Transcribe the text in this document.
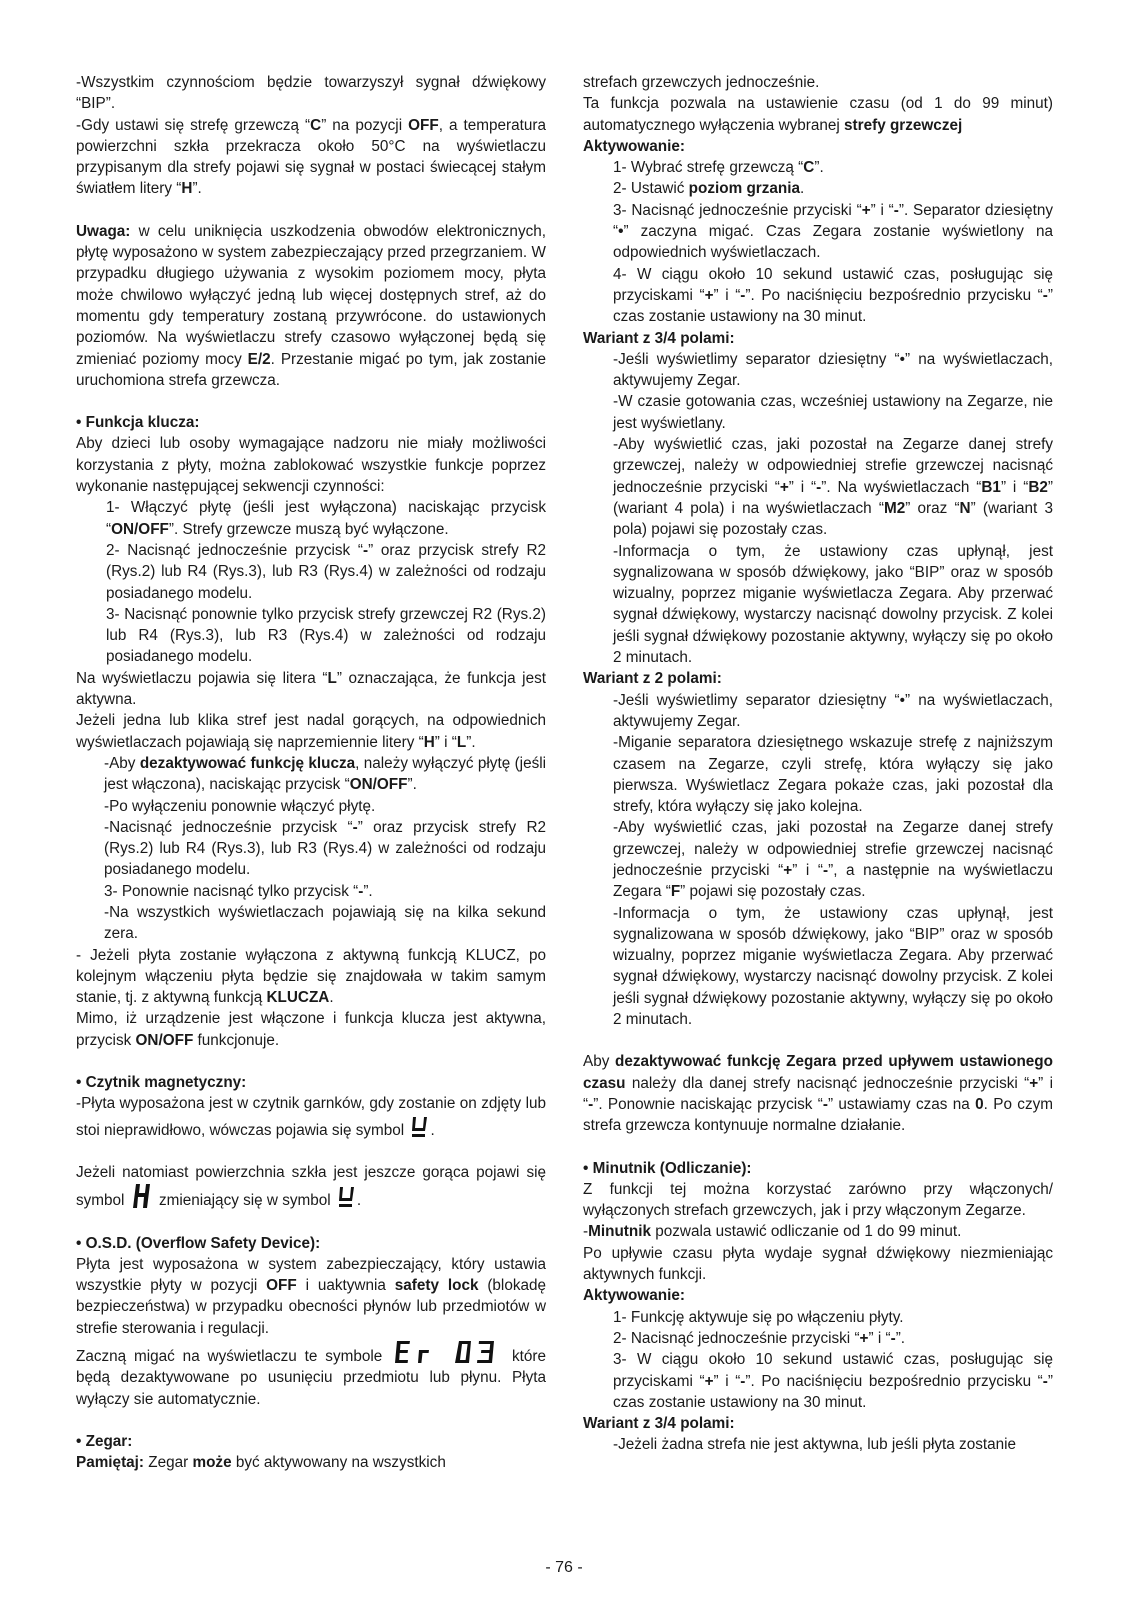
-Wszystkim czynnościom będzie towarzyszył sygnał dźwiękowy “BIP”.

-Gdy ustawi się strefę grzewczą “C” na pozycji OFF, a temperatura powierzchni szkła przekracza około 50°C na wyświetlaczu przypisanym dla strefy pojawi się sygnał w postaci świecącej stałym światłem litery “H”.

Uwaga: w celu uniknięcia uszkodzenia obwodów elektronicznych, płytę wyposażono w system zabezpieczający przed przegrzaniem. W przypadku długiego używania z wysokim poziomem mocy, płyta może chwilowo wyłączyć jedną lub więcej dostępnych stref, aż do momentu gdy temperatury zostaną przywrócone. do ustawionych poziomów. Na wyświetlaczu strefy czasowo wyłączonej będą się zmieniać poziomy mocy E/2. Przestanie migać po tym, jak zostanie uruchomiona strefa grzewcza.

• Funkcja klucza:

Aby dzieci lub osoby wymagające nadzoru nie miały możliwości korzystania z płyty, można zablokować wszystkie funkcje poprzez wykonanie następującej sekwencji czynności:

1- Włączyć płytę (jeśli jest wyłączona) naciskając przycisk “ON/OFF”. Strefy grzewcze muszą być wyłączone.

2- Nacisnąć jednocześnie przycisk “-” oraz przycisk strefy R2 (Rys.2) lub R4 (Rys.3), lub R3 (Rys.4) w zależności od rodzaju posiadanego modelu.

3- Nacisnąć ponownie tylko przycisk strefy grzewczej R2 (Rys.2) lub R4 (Rys.3), lub R3 (Rys.4) w zależności od rodzaju posiadanego modelu.

Na wyświetlaczu pojawia się litera “L” oznaczająca, że funkcja jest aktywna.

Jeżeli jedna lub klika stref jest nadal gorących, na odpowiednich wyświetlaczach pojawiają się naprzemiennie litery “H” i “L”.

-Aby dezaktywować funkcję klucza, należy wyłączyć płytę (jeśli jest włączona), naciskając przycisk “ON/OFF”.

-Po wyłączeniu ponownie włączyć płytę.

-Nacisnąć jednocześnie przycisk “-” oraz przycisk strefy R2 (Rys.2) lub R4 (Rys.3), lub R3 (Rys.4) w zależności od rodzaju posiadanego modelu.

3- Ponownie nacisnąć tylko przycisk “-”.

-Na wszystkich wyświetlaczach pojawiają się na kilka sekund zera.

- Jeżeli płyta zostanie wyłączona z aktywną funkcją KLUCZ, po kolejnym włączeniu płyta będzie się znajdowała w takim samym stanie, tj. z aktywną funkcją KLUCZA.

Mimo, iż urządzenie jest włączone i funkcja klucza jest aktywna, przycisk ON/OFF funkcjonuje.

• Czytnik magnetyczny:

-Płyta wyposażona jest w czytnik garnków, gdy zostanie on zdjęty lub stoi nieprawidłowo, wówczas pojawia się symbol
.

Jeżeli natomiast powierzchnia szkła jest jeszcze gorąca pojawi się symbol
zmieniający się w symbol
.

• O.S.D. (Overflow Safety Device):

Płyta jest wyposażona w system zabezpieczający, który ustawia wszystkie płyty w pozycji OFF i uaktywnia safety lock (blokadę bezpieczeństwa) w przypadku obecności płynów lub przedmiotów w strefie sterowania i regulacji.

Zaczną migać na wyświetlaczu te symbole	które będą dezaktywowane po usunięciu przedmiotu lub płynu. Płyta wyłączy sie automatycznie.

• Zegar:

Pamiętaj: Zegar może być aktywowany na wszystkich

strefach grzewczych jednocześnie.

Ta funkcja pozwala na ustawienie czasu (od 1 do 99 minut) automatycznego wyłączenia wybranej strefy grzewczej

Aktywowanie:

1- Wybrać strefę grzewczą “C”.

2- Ustawić poziom grzania.

3- Nacisnąć jednocześnie przyciski “+” i “-”. Separator dziesiętny “•” zaczyna migać. Czas Zegara zostanie wyświetlony na odpowiednich wyświetlaczach.

4- W ciągu około 10 sekund ustawić czas, posługując się przyciskami “+” i “-”. Po naciśnięciu bezpośrednio przycisku “-” czas zostanie ustawiony na 30 minut.

Wariant z 3/4 polami:

-Jeśli wyświetlimy separator dziesiętny “•” na wyświetlaczach, aktywujemy Zegar.

-W czasie gotowania czas, wcześniej ustawiony na Zegarze, nie jest wyświetlany.

-Aby wyświetlić czas, jaki pozostał na Zegarze danej strefy grzewczej, należy w odpowiedniej strefie grzewczej nacisnąć jednocześnie przyciski “+” i “-”. Na wyświetlaczach “B1” i “B2” (wariant 4 pola) i na wyświetlaczach “M2” oraz “N” (wariant 3 pola) pojawi się pozostały czas.

-Informacja o tym, że ustawiony czas upłynął, jest sygnalizowana w sposób dźwiękowy, jako “BIP” oraz w sposób wizualny, poprzez miganie wyświetlacza Zegara. Aby przerwać sygnał dźwiękowy, wystarczy nacisnąć dowolny przycisk. Z kolei jeśli sygnał dźwiękowy pozostanie aktywny, wyłączy się po około 2 minutach.

Wariant z 2 polami:

-Jeśli wyświetlimy separator dziesiętny “•” na wyświetlaczach, aktywujemy Zegar.

-Miganie separatora dziesiętnego wskazuje strefę z najniższym czasem na Zegarze, czyli strefę, która wyłączy się jako pierwsza. Wyświetlacz Zegara pokaże czas, jaki pozostał dla strefy, która wyłączy się jako kolejna.

-Aby wyświetlić czas, jaki pozostał na Zegarze danej strefy grzewczej, należy w odpowiedniej strefie grzewczej nacisnąć jednocześnie przyciski “+” i “-”, a następnie na wyświetlaczu Zegara “F” pojawi się pozostały czas.

-Informacja o tym, że ustawiony czas upłynął, jest sygnalizowana w sposób dźwiękowy, jako “BIP” oraz w sposób wizualny, poprzez miganie wyświetlacza Zegara. Aby przerwać sygnał dźwiękowy, wystarczy nacisnąć dowolny przycisk. Z kolei jeśli sygnał dźwiękowy pozostanie aktywny, wyłączy się po około 2 minutach.

Aby dezaktywować funkcję Zegara przed upływem ustawionego czasu należy dla danej strefy nacisnąć jednocześnie przyciski “+” i “-”. Ponownie naciskając przycisk “-” ustawiamy czas na 0. Po czym strefa grzewcza kontynuuje normalne działanie.

• Minutnik (Odliczanie):

Z funkcji tej można korzystać zarówno przy włączonych/ wyłączonych strefach grzewczych, jak i przy włączonym Zegarze.

-Minutnik pozwala ustawić odliczanie od 1 do 99 minut.

Po upływie czasu płyta wydaje sygnał dźwiękowy niezmieniając aktywnych funkcji.

Aktywowanie:

1- Funkcję aktywuje się po włączeniu płyty.

2- Nacisnąć jednocześnie przyciski “+” i “-”.

3- W ciągu około 10 sekund ustawić czas, posługując się przyciskami “+” i “-”. Po naciśnięciu bezpośrednio przycisku “-” czas zostanie ustawiony na 30 minut.

Wariant z 3/4 polami:

-Jeżeli żadna strefa nie jest aktywna, lub jeśli płyta zostanie

- 76 -
